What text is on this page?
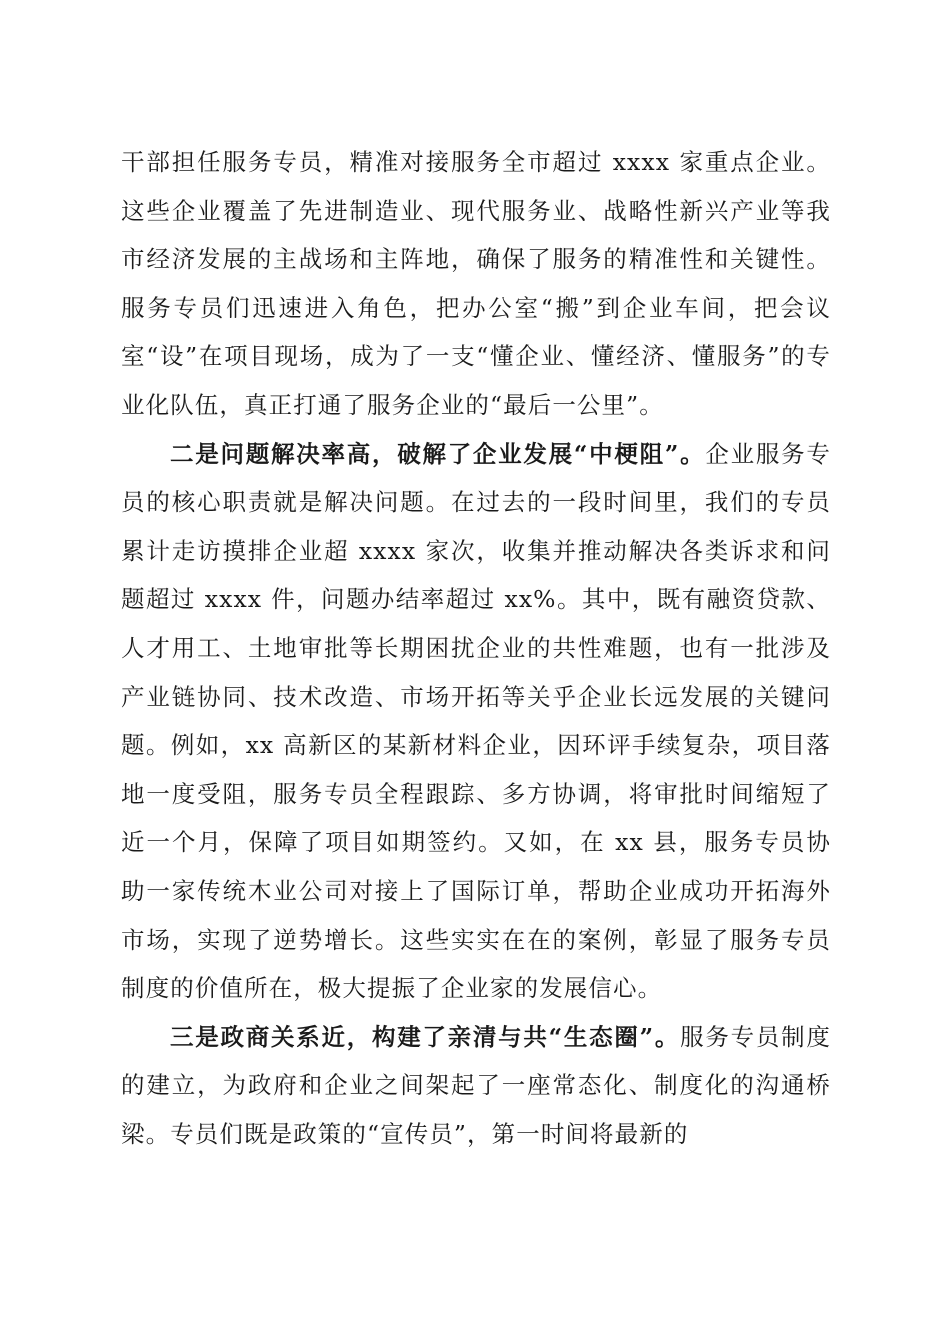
干部担任服务专员，精准对接服务全市超过 xxxx 家重点企业。这些企业覆盖了先进制造业、现代服务业、战略性新兴产业等我市经济发展的主战场和主阵地，确保了服务的精准性和关键性。服务专员们迅速进入角色，把办公室“搬”到企业车间，把会议室“设”在项目现场，成为了一支“懂企业、懂经济、懂服务”的专业化队伍，真正打通了服务企业的“最后一公里”。

二是问题解决率高，破解了企业发展“中梗阻”。企业服务专员的核心职责就是解决问题。在过去的一段时间里，我们的专员累计走访摸排企业超 xxxx 家次，收集并推动解决各类诉求和问题超过 xxxx 件，问题办结率超过 xx%。其中，既有融资贷款、人才用工、土地审批等长期困扰企业的共性难题，也有一批涉及产业链协同、技术改造、市场开拓等关乎企业长远发展的关键问题。例如，xx 高新区的某新材料企业，因环评手续复杂，项目落地一度受阻，服务专员全程跟踪、多方协调，将审批时间缩短了近一个月，保障了项目如期签约。又如，在 xx 县，服务专员协助一家传统木业公司对接上了国际订单，帮助企业成功开拓海外市场，实现了逆势增长。这些实实在在的案例，彰显了服务专员制度的价值所在，极大提振了企业家的发展信心。

三是政商关系近，构建了亲清与共“生态圈”。服务专员制度的建立，为政府和企业之间架起了一座常态化、制度化的沟通桥梁。专员们既是政策的“宣传员”，第一时间将最新的
